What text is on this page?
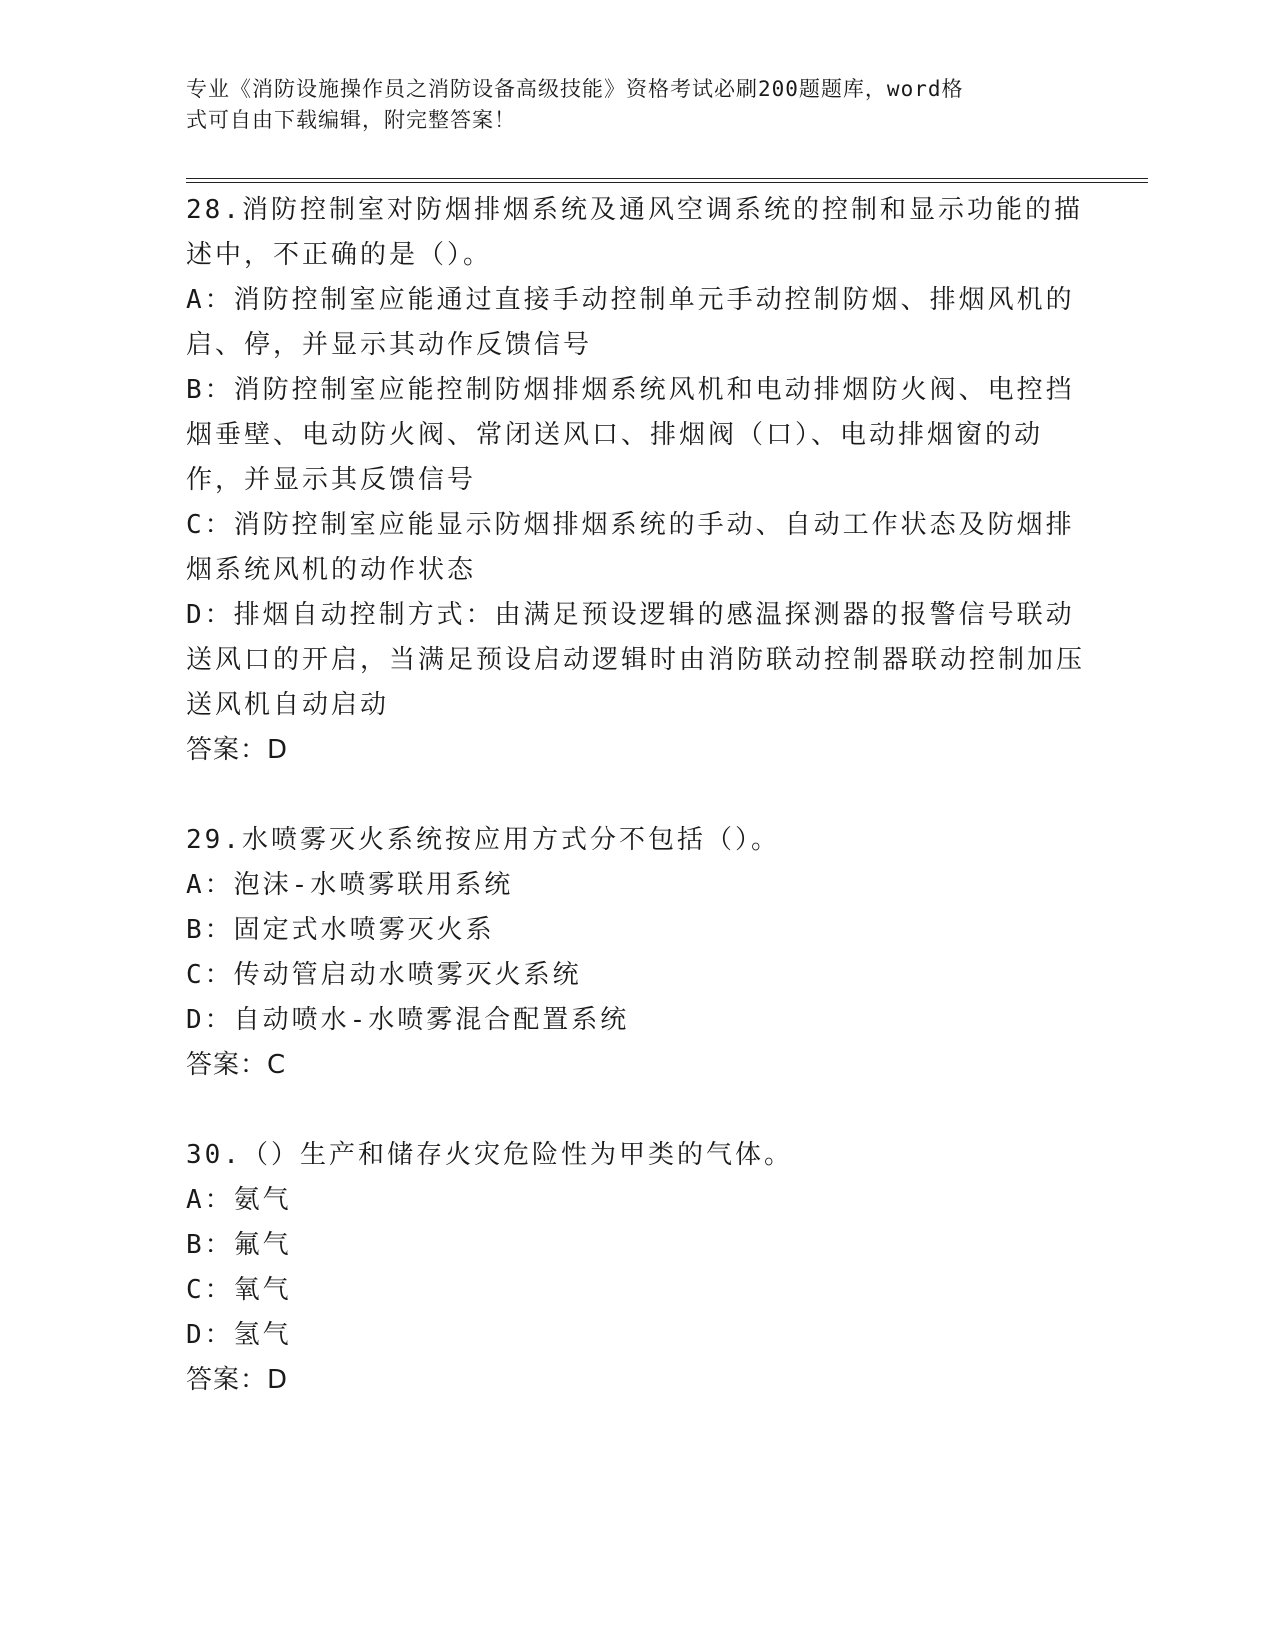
专业《消防设施操作员之消防设备高级技能》资格考试必刷200题题库，word格

式可自由下载编辑，附完整答案！

28.消防控制室对防烟排烟系统及通风空调系统的控制和显示功能的描述中，不正确的是（）。

A：消防控制室应能通过直接手动控制单元手动控制防烟、排烟风机的启、停，并显示其动作反馈信号

B：消防控制室应能控制防烟排烟系统风机和电动排烟防火阀、电控挡烟垂壁、电动防火阀、常闭送风口、排烟阀（口）、电动排烟窗的动作，并显示其反馈信号

C：消防控制室应能显示防烟排烟系统的手动、自动工作状态及防烟排烟系统风机的动作状态

D：排烟自动控制方式：由满足预设逻辑的感温探测器的报警信号联动送风口的开启，当满足预设启动逻辑时由消防联动控制器联动控制加压送风机自动启动

答案：D

29.水喷雾灭火系统按应用方式分不包括（）。

A：泡沫-水喷雾联用系统

B：固定式水喷雾灭火系

C：传动管启动水喷雾灭火系统

D：自动喷水-水喷雾混合配置系统

答案：C

30.（）生产和储存火灾危险性为甲类的气体。

A：氨气

B：氟气

C：氧气

D：氢气

答案：D
